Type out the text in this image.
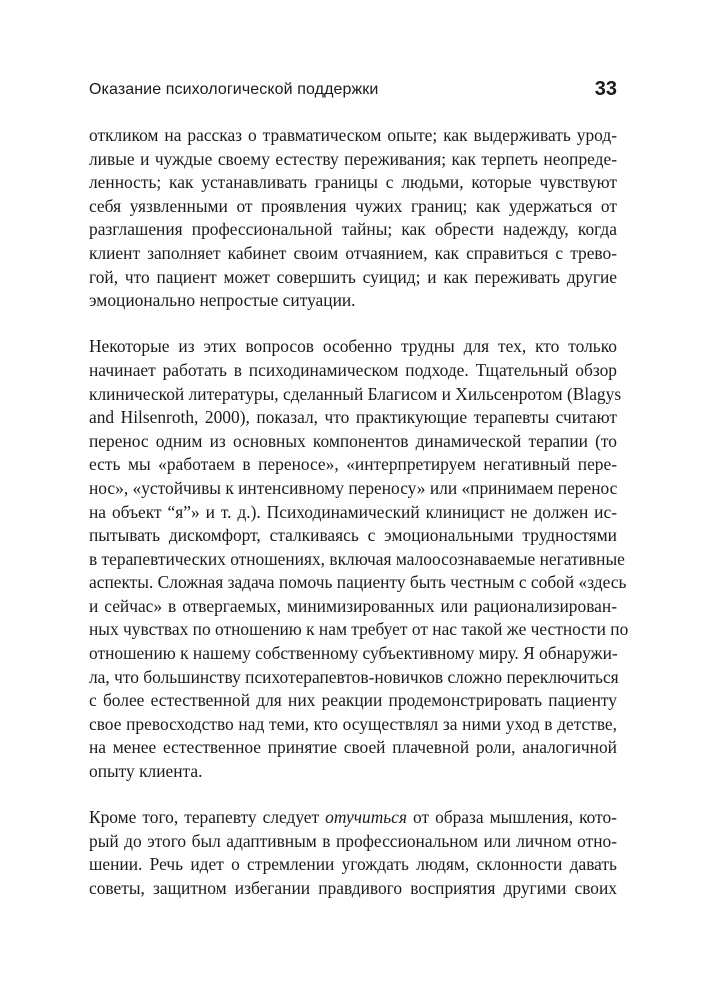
Оказание психологической поддержки	33

откликом на рассказ о травматическом опыте; как выдерживать урод-
ливые и чуждые своему естеству переживания; как терпеть неопреде-
ленность; как устанавливать границы с людьми, которые чувствуют
себя уязвленными от проявления чужих границ; как удержаться от
разглашения профессиональной тайны; как обрести надежду, когда
клиент заполняет кабинет своим отчаянием, как справиться с трево-
гой, что пациент может совершить суицид; и как переживать другие
эмоционально непростые ситуации.

Некоторые из этих вопросов особенно трудны для тех, кто только
начинает работать в психодинамическом подходе. Тщательный обзор
клинической литературы, сделанный Благисом и Хильсенротом (Blagys
and Hilsenroth, 2000), показал, что практикующие терапевты считают
перенос одним из основных компонентов динамической терапии (то
есть мы «работаем в переносе», «интерпретируем негативный пере-
нос», «устойчивы к интенсивному переносу» или «принимаем перенос
на объект “я”» и т. д.). Психодинамический клиницист не должен ис-
пытывать дискомфорт, сталкиваясь с эмоциональными трудностями
в терапевтических отношениях, включая малоосознаваемые негативные
аспекты. Сложная задача помочь пациенту быть честным с собой «здесь
и сейчас» в отвергаемых, минимизированных или рационализирован-
ных чувствах по отношению к нам требует от нас такой же честности по
отношению к нашему собственному субъективному миру. Я обнаружи-
ла, что большинству психотерапевтов-новичков сложно переключиться
с более естественной для них реакции продемонстрировать пациенту
свое превосходство над теми, кто осуществлял за ними уход в детстве,
на менее естественное принятие своей плачевной роли, аналогичной
опыту клиента.

Кроме того, терапевту следует отучиться от образа мышления, кото-
рый до этого был адаптивным в профессиональном или личном отно-
шении. Речь идет о стремлении угождать людям, склонности давать
советы, защитном избегании правдивого восприятия другими своих
